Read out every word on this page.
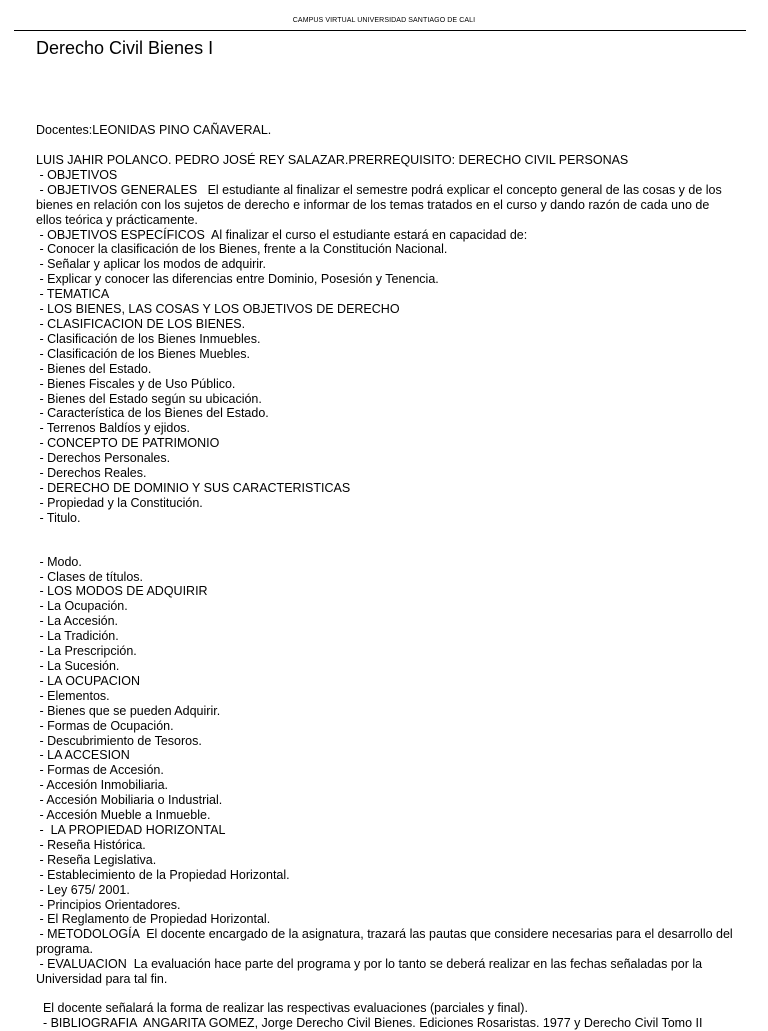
CAMPUS VIRTUAL UNIVERSIDAD SANTIAGO DE CALI
Derecho Civil Bienes I
Docentes:LEONIDAS PINO CAÑAVERAL.
LUIS JAHIR POLANCO. PEDRO JOSÉ REY SALAZAR.PRERREQUISITO: DERECHO CIVIL PERSONAS
- OBJETIVOS
- OBJETIVOS GENERALES   El estudiante al finalizar el semestre podrá explicar el concepto general de las cosas y de los bienes en relación con los sujetos de derecho e informar de los temas tratados en el curso y dando razón de cada uno de ellos teórica y prácticamente.
- OBJETIVOS ESPECÍFICOS  Al finalizar el curso el estudiante estará en capacidad de:
- Conocer la clasificación de los Bienes, frente a la Constitución Nacional.
- Señalar y aplicar los modos de adquirir.
- Explicar y conocer las diferencias entre Dominio, Posesión y Tenencia.
- TEMATICA
- LOS BIENES, LAS COSAS Y LOS OBJETIVOS DE DERECHO
- CLASIFICACION DE LOS BIENES.
- Clasificación de los Bienes Inmuebles.
- Clasificación de los Bienes Muebles.
- Bienes del Estado.
- Bienes Fiscales y de Uso Público.
- Bienes del Estado según su ubicación.
- Característica de los Bienes del Estado.
- Terrenos Baldíos y ejidos.
- CONCEPTO DE PATRIMONIO
- Derechos Personales.
- Derechos Reales.
- DERECHO DE DOMINIO Y SUS CARACTERISTICAS
- Propiedad y la Constitución.
- Titulo.
- Modo.
- Clases de títulos.
- LOS MODOS DE ADQUIRIR
- La Ocupación.
- La Accesión.
- La Tradición.
- La Prescripción.
- La Sucesión.
- LA OCUPACION
- Elementos.
- Bienes que se pueden Adquirir.
- Formas de Ocupación.
- Descubrimiento de Tesoros.
- LA ACCESION
- Formas de Accesión.
- Accesión Inmobiliaria.
- Accesión Mobiliaria o Industrial.
- Accesión Mueble a Inmueble.
-  LA PROPIEDAD HORIZONTAL
- Reseña Histórica.
- Reseña Legislativa.
- Establecimiento de la Propiedad Horizontal.
- Ley 675/ 2001.
- Principios Orientadores.
- El Reglamento de Propiedad Horizontal.
- METODOLOGÍA  El docente encargado de la asignatura, trazará las pautas que considere necesarias para el desarrollo del programa.
- EVALUACION  La evaluación hace parte del programa y por lo tanto se deberá realizar en las fechas señaladas por la Universidad para tal fin.
El docente señalará la forma de realizar las respectivas evaluaciones (parciales y final).
- BIBLIOGRAFIA  ANGARITA GOMEZ, Jorge Derecho Civil Bienes. Ediciones Rosaristas. 1977 y Derecho Civil Tomo II
